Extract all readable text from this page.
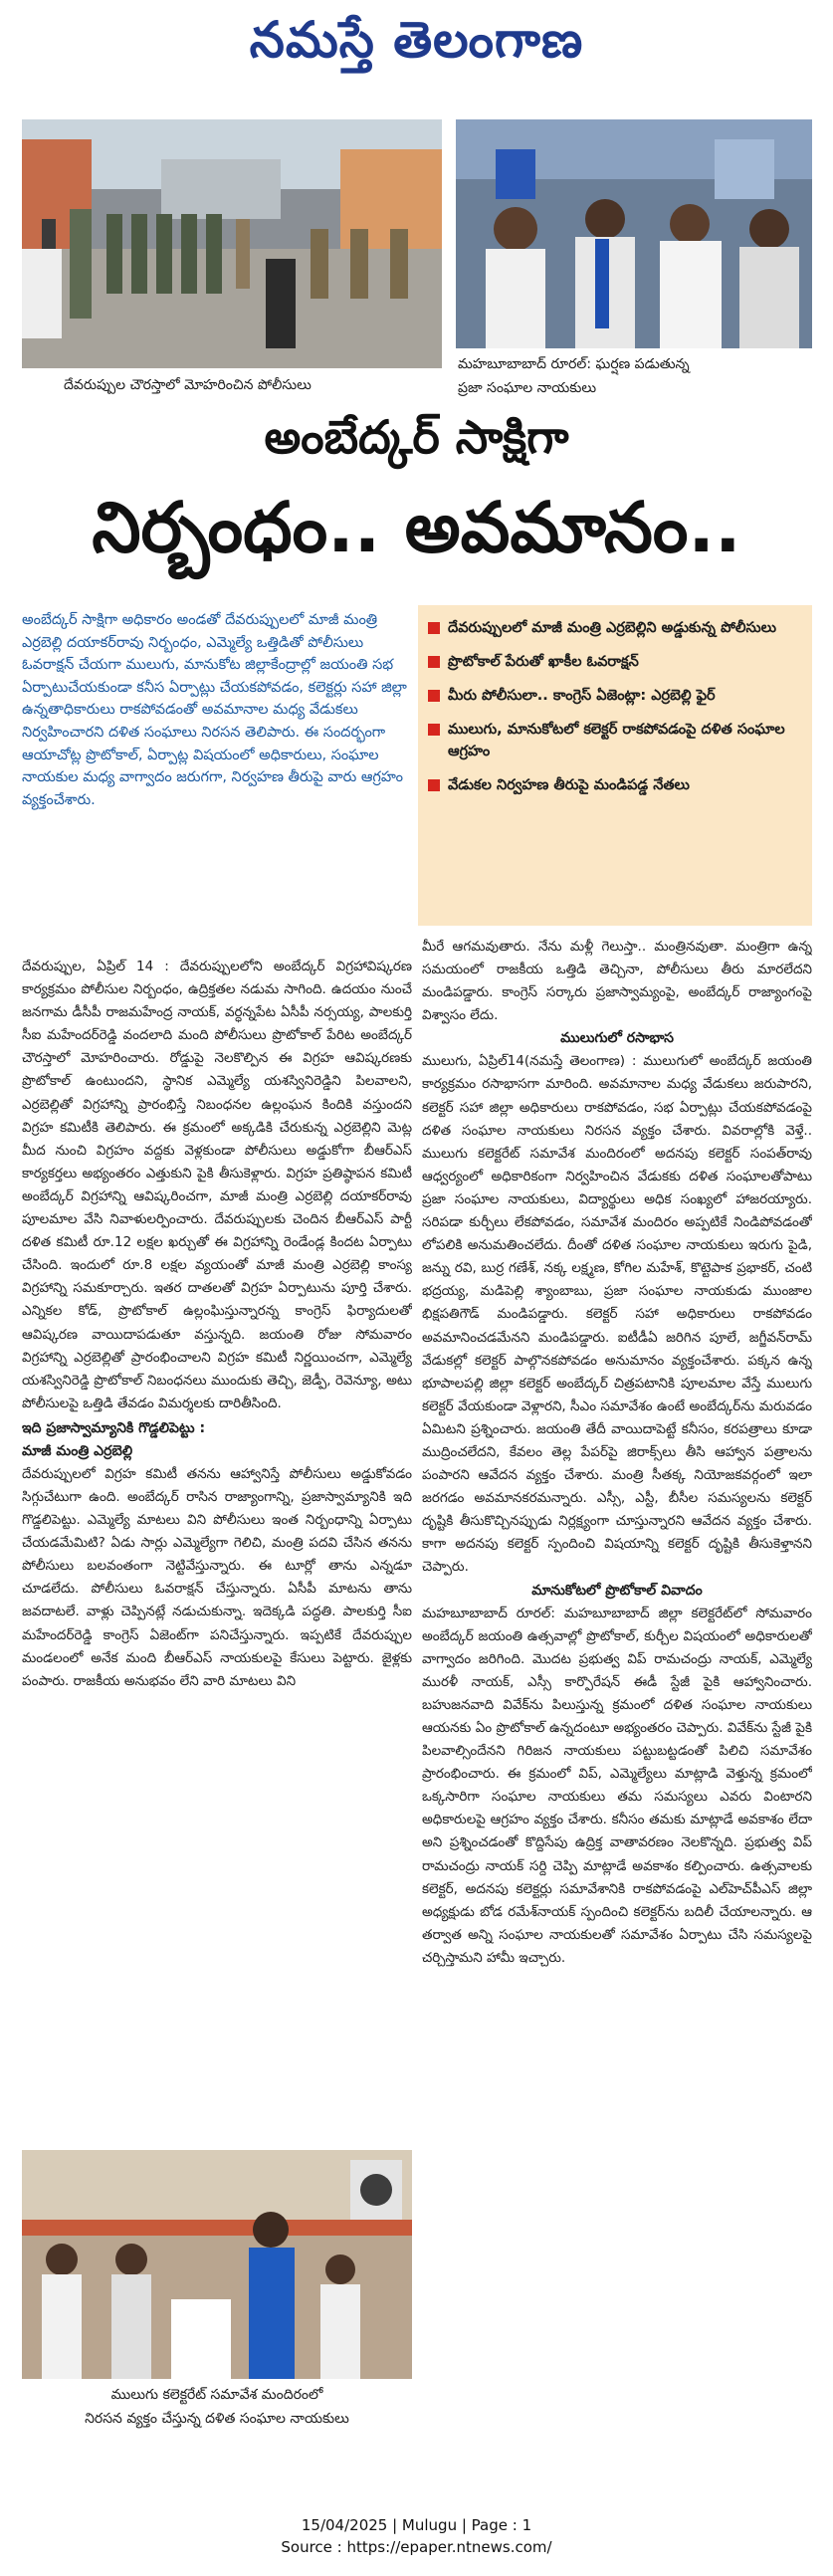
నమస్తే తెలంగాణ
దేవరుప్పుల చౌరస్తాలో మోహరించిన పోలీసులు
మహబూబాబాద్ రూరల్: ఘర్షణ పడుతున్న
ప్రజా సంఘాల నాయకులు
అంబేద్కర్ సాక్షిగా
నిర్బంధం.. అవమానం..
అంబేద్కర్ సాక్షిగా అధికారం అండతో దేవరుప్పులలో మాజీ మంత్రి ఎర్రబెల్లి దయాకర్‌రావు నిర్బంధం, ఎమ్మెల్యే ఒత్తిడితో పోలీసులు ఓవరాక్షన్ చేయగా ములుగు, మానుకోట జిల్లాకేంద్రాల్లో జయంతి సభ ఏర్పాటుచేయకుండా కనీస ఏర్పాట్లు చేయకపోవడం, కలెక్టర్లు సహా జిల్లా ఉన్నతాధికారులు రాకపోవడంతో అవమానాల మధ్య వేడుకలు నిర్వహించారని దళిత సంఘాలు నిరసన తెలిపారు. ఈ సందర్భంగా ఆయాచోట్ల ప్రొటోకాల్, ఏర్పాట్ల విషయంలో అధికారులు, సంఘాల నాయకుల మధ్య వాగ్వాదం జరుగగా, నిర్వహణ తీరుపై వారు ఆగ్రహం వ్యక్తంచేశారు.
దేవరుప్పులలో మాజీ మంత్రి ఎర్రబెల్లిని అడ్డుకున్న పోలీసులు
ప్రొటోకాల్ పేరుతో ఖాకీల ఓవరాక్షన్
మీరు పోలీసులా.. కాంగ్రెస్ ఏజెంట్లా: ఎర్రబెల్లి ఫైర్
ములుగు, మానుకోటలో కలెక్టర్ రాకపోవడంపై దళిత సంఘాల ఆగ్రహం
వేడుకల నిర్వహణ తీరుపై మండిపడ్డ నేతలు

దేవరుప్పుల, ఏప్రిల్ 14 : దేవరుప్పులలోని అంబేద్కర్ విగ్రహావిష్కరణ కార్యక్రమం పోలీసుల నిర్బంధం, ఉద్రిక్తతల నడుమ సాగింది. ఉదయం నుంచే జనగామ డీసీపీ రాజమహేంద్ర నాయక్, వర్ధన్నపేట ఏసీపీ నర్సయ్య, పాలకుర్తి సీఐ మహేందర్‌రెడ్డి వందలాది మంది పోలీసులు ప్రొటోకాల్ పేరిట అంబేద్కర్ చౌరస్తాలో మోహరించారు. రోడ్డుపై నెలకొల్పిన ఈ విగ్రహ ఆవిష్కరణకు ప్రొటోకాల్ ఉంటుందని, స్థానిక ఎమ్మెల్యే యశస్వినిరెడ్డిని పిలవాలని, ఎర్రబెల్లితో విగ్రహాన్ని ప్రారంభిస్తే నిబంధనల ఉల్లంఘన కిందికి వస్తుందని విగ్రహ కమిటీకి తెలిపారు. ఈ క్రమంలో అక్కడికి చేరుకున్న ఎర్రబెల్లిని మెట్ల మీద నుంచి విగ్రహం వద్దకు వెళ్లకుండా పోలీసులు అడ్డుకోగా బీఆర్‌ఎస్ కార్యకర్తలు అభ్యంతరం ఎత్తుకుని పైకి తీసుకెళ్లారు. విగ్రహ ప్రతిష్ఠాపన కమిటీ అంబేద్కర్ విగ్రహాన్ని ఆవిష్కరించగా, మాజీ మంత్రి ఎర్రబెల్లి దయాకర్‌రావు పూలమాల వేసి నివాళులర్పించారు. దేవరుప్పులకు చెందిన బీఆర్‌ఎస్ పార్టీ దళిత కమిటీ రూ.12 లక్షల ఖర్చుతో ఈ విగ్రహాన్ని రెండేండ్ల కిందట ఏర్పాటు చేసింది. ఇందులో రూ.8 లక్షల వ్యయంతో మాజీ మంత్రి ఎర్రబెల్లి కాంస్య విగ్రహాన్ని సమకూర్చారు. ఇతర దాతలతో విగ్రహ ఏర్పాటును పూర్తి చేశారు. ఎన్నికల కోడ్, ప్రొటోకాల్ ఉల్లంఘిస్తున్నారన్న కాంగ్రెస్ ఫిర్యాదులతో ఆవిష్కరణ వాయిదాపడుతూ వస్తున్నది. జయంతి రోజు సోమవారం విగ్రహాన్ని ఎర్రబెల్లితో ప్రారంభించాలని విగ్రహ కమిటీ నిర్ణయించగా, ఎమ్మెల్యే యశస్వినిరెడ్డి ప్రొటోకాల్ నిబంధనలు ముందుకు తెచ్చి, జెడ్పీ, రెవెన్యూ, అటు పోలీసులపై ఒత్తిడి తేవడం విమర్శలకు దారితీసింది.

ఇది ప్రజాస్వామ్యానికి గొడ్డలిపెట్టు :

మాజీ మంత్రి ఎర్రబెల్లి

దేవరుప్పులలో విగ్రహ కమిటీ తనను ఆహ్వానిస్తే పోలీసులు అడ్డుకోవడం సిగ్గుచేటుగా ఉంది. అంబేద్కర్ రాసిన రాజ్యాంగాన్ని, ప్రజాస్వామ్యానికి ఇది గొడ్డలిపెట్టు. ఎమ్మెల్యే మాటలు విని పోలీసులు ఇంత నిర్బంధాన్ని ఏర్పాటు చేయడమేమిటి? ఏడు సార్లు ఎమ్మెల్యేగా గెలిచి, మంత్రి పదవి చేసిన తనను పోలీసులు బలవంతంగా నెట్టివేస్తున్నారు. ఈ టూర్లో తాను ఎన్నడూ చూడలేదు. పోలీసులు ఓవరాక్షన్ చేస్తున్నారు. ఏసీపీ మాటను తాను జవదాటలే. వాళ్లు చెప్పినట్లే నడుచుకున్నా. ఇదెక్కడి పద్ధతి. పాలకుర్తి సీఐ మహేందర్‌రెడ్డి కాంగ్రెస్ ఏజెంట్‌గా పనిచేస్తున్నారు. ఇప్పటికే దేవరుప్పుల మండలంలో అనేక మంది బీఆర్‌ఎస్ నాయకులపై కేసులు పెట్టారు. జైళ్లకు పంపారు. రాజకీయ అనుభవం లేని వారి మాటలు విని

ములుగు కలెక్టరేట్ సమావేశ మందిరంలో
నిరసన వ్యక్తం చేస్తున్న దళిత సంఘాల నాయకులు

మీరే ఆగమవుతారు. నేను మళ్లీ గెలుస్తా.. మంత్రినవుతా. మంత్రిగా ఉన్న సమయంలో రాజకీయ ఒత్తిడి తెచ్చినా, పోలీసులు తీరు మారలేదని మండిపడ్డారు. కాంగ్రెస్ సర్కారు ప్రజాస్వామ్యంపై, అంబేద్కర్ రాజ్యాంగంపై విశ్వాసం లేదు.

ములుగులో రసాభాస

ములుగు, ఏప్రిల్14(నమస్తే తెలంగాణ) : ములుగులో అంబేద్కర్ జయంతి కార్యక్రమం రసాభాసగా మారింది. అవమానాల మధ్య వేడుకలు జరుపారని, కలెక్టర్ సహా జిల్లా అధికారులు రాకపోవడం, సభ ఏర్పాట్లు చేయకపోవడంపై దళిత సంఘాల నాయకులు నిరసన వ్యక్తం చేశారు. వివరాల్లోకి వెళ్తే.. ములుగు కలెక్టరేట్ సమావేశ మందిరంలో అదనపు కలెక్టర్ సంపత్‌రావు ఆధ్వర్యంలో అధికారికంగా నిర్వహించిన వేడుకకు దళిత సంఘాలతోపాటు ప్రజా సంఘాల నాయకులు, విద్యార్థులు అధిక సంఖ్యలో హాజరయ్యారు. సరిపడా కుర్చీలు లేకపోవడం, సమావేశ మందిరం అప్పటికే నిండిపోవడంతో లోపలికి అనుమతించలేదు. దీంతో దళిత సంఘాల నాయకులు ఇరుగు పైడి, జన్ను రవి, బుర్ర గణేశ్, నక్క లక్ష్మణ, కోగిల మహేశ్, కొట్టెపాక ప్రభాకర్, చంటి భద్రయ్య, మడిపెల్లి శ్యాంబాబు, ప్రజా సంఘాల నాయకుడు ముంజాల భిక్షపతిగౌడ్ మండిపడ్డారు. కలెక్టర్ సహా అధికారులు రాకపోవడం అవమానించడమేనని మండిపడ్డారు. ఐటీడీఏ జరిగిన పూలే, జగ్జీవన్‌రామ్ వేడుకల్లో కలెక్టర్ పాల్గొనకపోవడం అనుమానం వ్యక్తంచేశారు. పక్కన ఉన్న భూపాలపల్లి జిల్లా కలెక్టర్ అంబేద్కర్ చిత్రపటానికి పూలమాల వేస్తే ములుగు కలెక్టర్ వేయకుండా వెళ్లారని, సీఎం సమావేశం ఉంటే అంబేద్కర్‌ను మరువడం ఏమిటని ప్రశ్నించారు. జయంతి తేదీ వాయిదాపెట్టే కనీసం, కరపత్రాలు కూడా ముద్రించలేదని, కేవలం తెల్ల పేపర్‌పై జిరాక్స్‌లు తీసి ఆహ్వాన పత్రాలను పంపారని ఆవేదన వ్యక్తం చేశారు. మంత్రి సీతక్క నియోజకవర్గంలో ఇలా జరగడం అవమానకరమన్నారు. ఎస్సీ, ఎస్టీ, బీసీల సమస్యలను కలెక్టర్ దృష్టికి తీసుకొచ్చినప్పుడు నిర్లక్ష్యంగా చూస్తున్నారని ఆవేదన వ్యక్తం చేశారు. కాగా అదనపు కలెక్టర్ స్పందించి విషయాన్ని కలెక్టర్ దృష్టికి తీసుకెళ్తానని చెప్పారు.

మానుకోటలో ప్రొటోకాల్ వివాదం

మహబూబాబాద్ రూరల్: మహబూబాబాద్ జిల్లా కలెక్టరేట్‌లో సోమవారం అంబేద్కర్ జయంతి ఉత్సవాల్లో ప్రొటోకాల్, కుర్చీల విషయంలో అధికారులతో వాగ్వాదం జరిగింది. మొదట ప్రభుత్వ విప్ రామచంద్రు నాయక్, ఎమ్మెల్యే మురళీ నాయక్, ఎస్సీ కార్పొరేషన్ ఈడీ స్టేజీ పైకి ఆహ్వానించారు. బహుజనవాది వివేక్‌ను పిలుస్తున్న క్రమంలో దళిత సంఘాల నాయకులు ఆయనకు ఏం ప్రొటోకాల్ ఉన్నదంటూ అభ్యంతరం చెప్పారు. వివేక్‌ను స్టేజీ పైకి పిలవాల్సిందేనని గిరిజన నాయకులు పట్టుబట్టడంతో పిలిచి సమావేశం ప్రారంభించారు. ఈ క్రమంలో విప్, ఎమ్మెల్యేలు మాట్లాడి వెళ్తున్న క్రమంలో ఒక్కసారిగా సంఘాల నాయకులు తమ సమస్యలు ఎవరు వింటారని అధికారులపై ఆగ్రహం వ్యక్తం చేశారు. కనీసం తమకు మాట్లాడే అవకాశం లేదా అని ప్రశ్నించడంతో కొద్దిసేపు ఉద్రిక్త వాతావరణం నెలకొన్నది. ప్రభుత్వ విప్ రామచంద్రు నాయక్ సర్ది చెప్పి మాట్లాడే అవకాశం కల్పించారు. ఉత్సవాలకు కలెక్టర్, అదనపు కలెక్టర్లు సమావేశానికి రాకపోవడంపై ఎల్‌హెచ్‌పీఎస్ జిల్లా అధ్యక్షుడు బోడ రమేశ్‌నాయక్ స్పందించి కలెక్టర్‌ను బదిలీ చేయాలన్నారు. ఆ తర్వాత అన్ని సంఘాల నాయకులతో సమావేశం ఏర్పాటు చేసి సమస్యలపై చర్చిస్తామని హామీ ఇచ్చారు.

15/04/2025 | Mulugu | Page : 1
Source : https://epaper.ntnews.com/
